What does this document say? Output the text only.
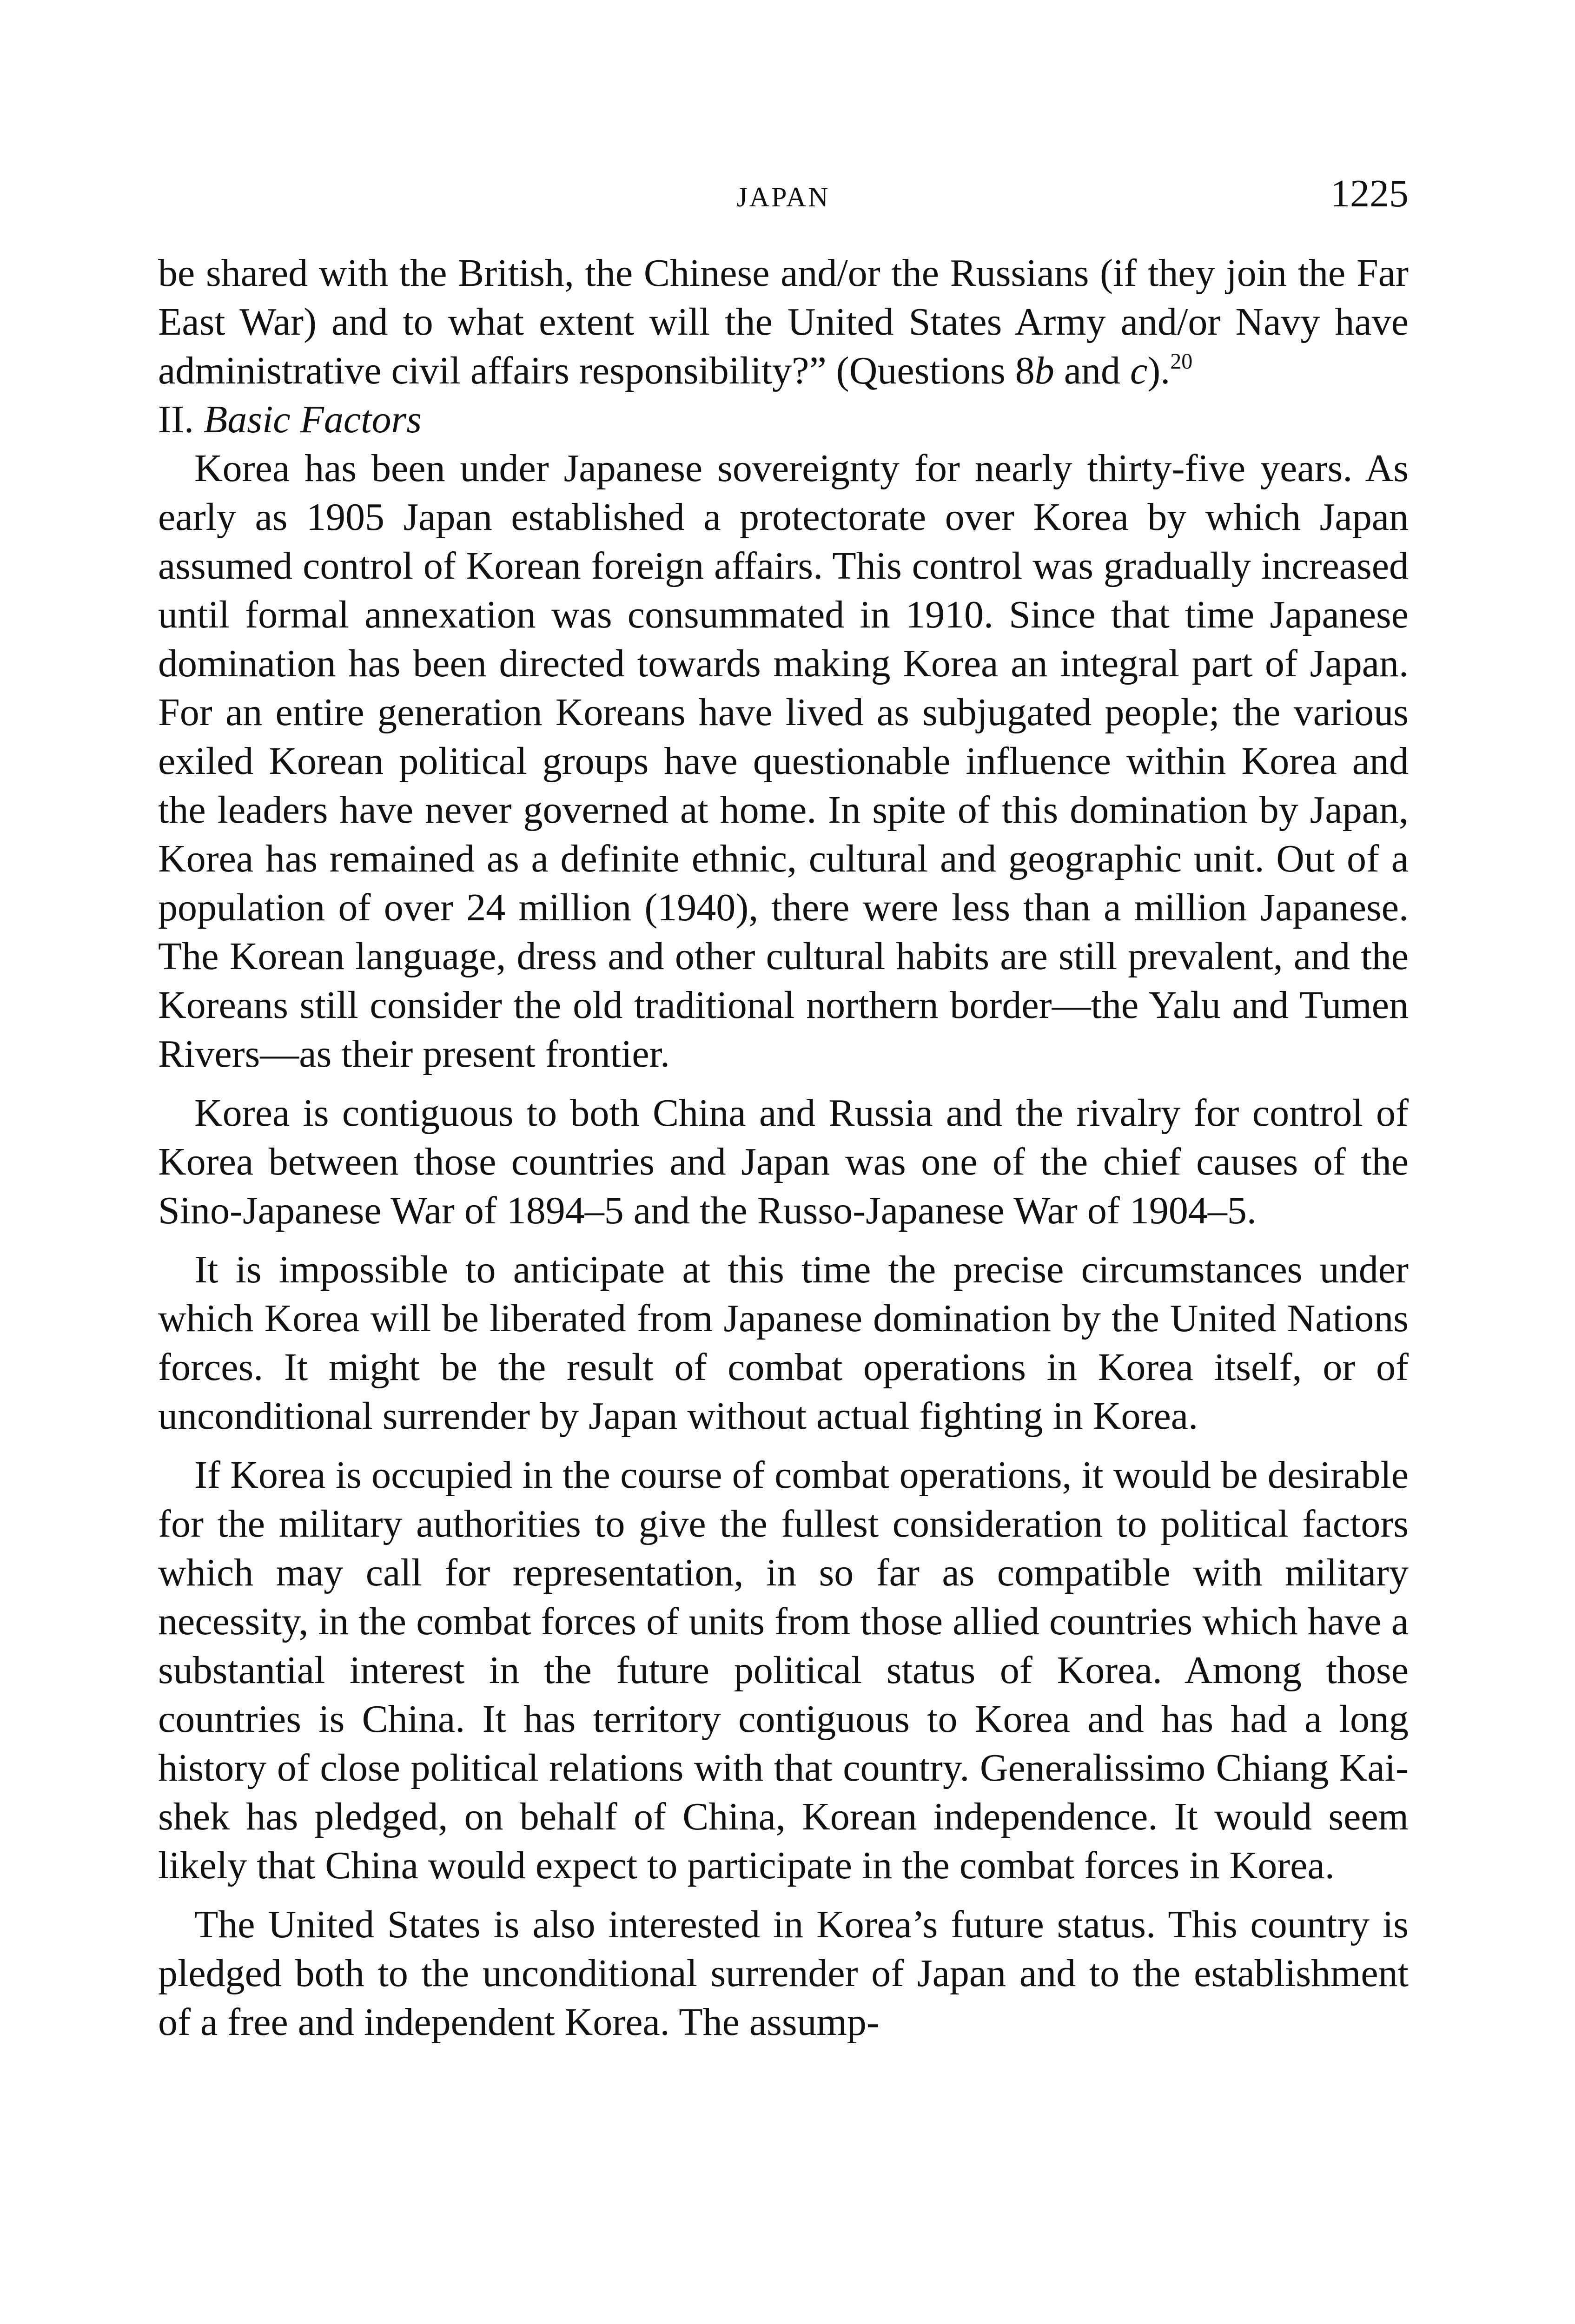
JAPAN	1225

be shared with the British, the Chinese and/or the Russians (if they join the Far East War) and to what extent will the United States Army and/or Navy have administrative civil affairs responsibility?” (Questions 8b and c).$^{20}$

II. Basic Factors

Korea has been under Japanese sovereignty for nearly thirty-five years. As early as 1905 Japan established a protectorate over Korea by which Japan assumed control of Korean foreign affairs. This control was gradually increased until formal annexation was consummated in 1910. Since that time Japanese domination has been directed towards making Korea an integral part of Japan. For an entire generation Koreans have lived as subjugated people; the various exiled Korean political groups have questionable influence within Korea and the leaders have never governed at home. In spite of this domination by Japan, Korea has remained as a definite ethnic, cultural and geographic unit. Out of a population of over 24 million (1940), there were less than a million Japanese. The Korean language, dress and other cultural habits are still prevalent, and the Koreans still consider the old traditional northern border—the Yalu and Tumen Rivers—as their present frontier.

Korea is contiguous to both China and Russia and the rivalry for control of Korea between those countries and Japan was one of the chief causes of the Sino-Japanese War of 1894–5 and the Russo-Japanese War of 1904–5.

It is impossible to anticipate at this time the precise circumstances under which Korea will be liberated from Japanese domination by the United Nations forces. It might be the result of combat operations in Korea itself, or of unconditional surrender by Japan without actual fighting in Korea.

If Korea is occupied in the course of combat operations, it would be desirable for the military authorities to give the fullest consideration to political factors which may call for representation, in so far as compatible with military necessity, in the combat forces of units from those allied countries which have a substantial interest in the future political status of Korea. Among those countries is China. It has territory contiguous to Korea and has had a long history of close political relations with that country. Generalissimo Chiang Kai-shek has pledged, on behalf of China, Korean independence. It would seem likely that China would expect to participate in the combat forces in Korea.

The United States is also interested in Korea’s future status. This country is pledged both to the unconditional surrender of Japan and to the establishment of a free and independent Korea. The assump-
